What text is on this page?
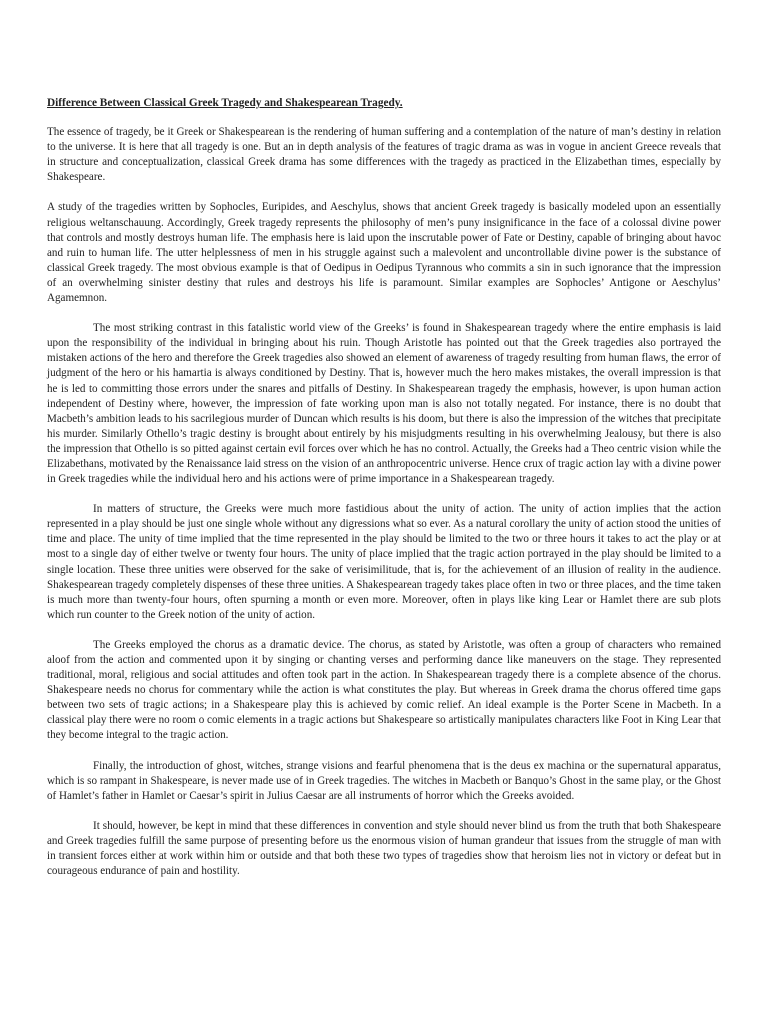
Difference Between Classical Greek Tragedy and Shakespearean Tragedy.

The essence of tragedy, be it Greek or Shakespearean is the rendering of human suffering and a contemplation of the nature of man’s destiny in relation to the universe. It is here that all tragedy is one. But an in depth analysis of the features of tragic drama as was in vogue in ancient Greece reveals that in structure and conceptualization, classical Greek drama has some differences with the tragedy as practiced in the Elizabethan times, especially by Shakespeare.

A study of the tragedies written by Sophocles, Euripides, and Aeschylus, shows that ancient Greek tragedy is basically modeled upon an essentially religious weltanschauung. Accordingly, Greek tragedy represents the philosophy of men’s puny insignificance in the face of a colossal divine power that controls and mostly destroys human life. The emphasis here is laid upon the inscrutable power of Fate or Destiny, capable of bringing about havoc and ruin to human life. The utter helplessness of men in his struggle against such a malevolent and uncontrollable divine power is the substance of classical Greek tragedy. The most obvious example is that of Oedipus in Oedipus Tyrannous who commits a sin in such ignorance that the impression of an overwhelming sinister destiny that rules and destroys his life is paramount. Similar examples are Sophocles’ Antigone or Aeschylus’ Agamemnon.

The most striking contrast in this fatalistic world view of the Greeks’ is found in Shakespearean tragedy where the entire emphasis is laid upon the responsibility of the individual in bringing about his ruin. Though Aristotle has pointed out that the Greek tragedies also portrayed the mistaken actions of the hero and therefore the Greek tragedies also showed an element of awareness of tragedy resulting from human flaws, the error of judgment of the hero or his hamartia is always conditioned by Destiny. That is, however much the hero makes mistakes, the overall impression is that he is led to committing those errors under the snares and pitfalls of Destiny. In Shakespearean tragedy the emphasis, however, is upon human action independent of Destiny where, however, the impression of fate working upon man is also not totally negated. For instance, there is no doubt that Macbeth’s ambition leads to his sacrilegious murder of Duncan which results is his doom, but there is also the impression of the witches that precipitate his murder. Similarly Othello’s tragic destiny is brought about entirely by his misjudgments resulting in his overwhelming Jealousy, but there is also the impression that Othello is so pitted against certain evil forces over which he has no control. Actually, the Greeks had a Theo centric vision while the Elizabethans, motivated by the Renaissance laid stress on the vision of an anthropocentric universe. Hence crux of tragic action lay with a divine power in Greek tragedies while the individual hero and his actions were of prime importance in a Shakespearean tragedy.

In matters of structure, the Greeks were much more fastidious about the unity of action. The unity of action implies that the action represented in a play should be just one single whole without any digressions what so ever. As a natural corollary the unity of action stood the unities of time and place. The unity of time implied that the time represented in the play should be limited to the two or three hours it takes to act the play or at most to a single day of either twelve or twenty four hours. The unity of place implied that the tragic action portrayed in the play should be limited to a single location. These three unities were observed for the sake of verisimilitude, that is, for the achievement of an illusion of reality in the audience. Shakespearean tragedy completely dispenses of these three unities. A Shakespearean tragedy takes place often in two or three places, and the time taken is much more than twenty-four hours, often spurning a month or even more. Moreover, often in plays like king Lear or Hamlet there are sub plots which run counter to the Greek notion of the unity of action.

The Greeks employed the chorus as a dramatic device. The chorus, as stated by Aristotle, was often a group of characters who remained aloof from the action and commented upon it by singing or chanting verses and performing dance like maneuvers on the stage. They represented traditional, moral, religious and social attitudes and often took part in the action. In Shakespearean tragedy there is a complete absence of the chorus. Shakespeare needs no chorus for commentary while the action is what constitutes the play. But whereas in Greek drama the chorus offered time gaps between two sets of tragic actions; in a Shakespeare play this is achieved by comic relief. An ideal example is the Porter Scene in Macbeth. In a classical play there were no room o comic elements in a tragic actions but Shakespeare so artistically manipulates characters like Foot in King Lear that they become integral to the tragic action.

Finally, the introduction of ghost, witches, strange visions and fearful phenomena that is the deus ex machina or the supernatural apparatus, which is so rampant in Shakespeare, is never made use of in Greek tragedies. The witches in Macbeth or Banquo’s Ghost in the same play, or the Ghost of Hamlet’s father in Hamlet or Caesar’s spirit in Julius Caesar are all instruments of horror which the Greeks avoided.

It should, however, be kept in mind that these differences in convention and style should never blind us from the truth that both Shakespeare and Greek tragedies fulfill the same purpose of presenting before us the enormous vision of human grandeur that issues from the struggle of man with in transient forces either at work within him or outside and that both these two types of tragedies show that heroism lies not in victory or defeat but in courageous endurance of pain and hostility.
